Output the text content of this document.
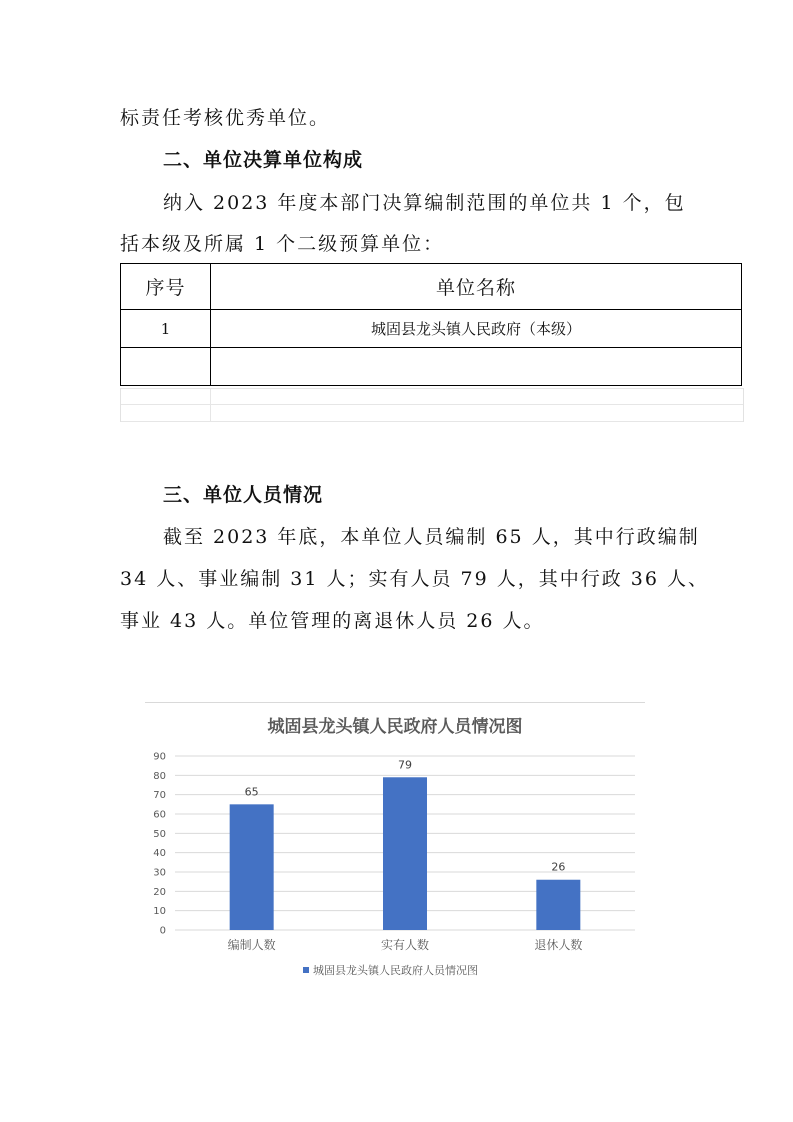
标责任考核优秀单位。

二、单位决算单位构成

纳入 2023 年度本部门决算编制范围的单位共 1 个，包

括本级及所属 1 个二级预算单位：

序号	单位名称
1	城固县龙头镇人民政府（本级）

三、单位人员情况

截至 2023 年底，本单位人员编制 65 人，其中行政编制

34 人、事业编制 31 人；实有人员 79 人，其中行政 36 人、

事业 43 人。单位管理的离退休人员 26 人。

城固县龙头镇人民政府人员情况图
0
10
20
30
40
50
60
70
80
90
65
编制人数
79
实有人数
26
退休人数
城固县龙头镇人民政府人员情况图
